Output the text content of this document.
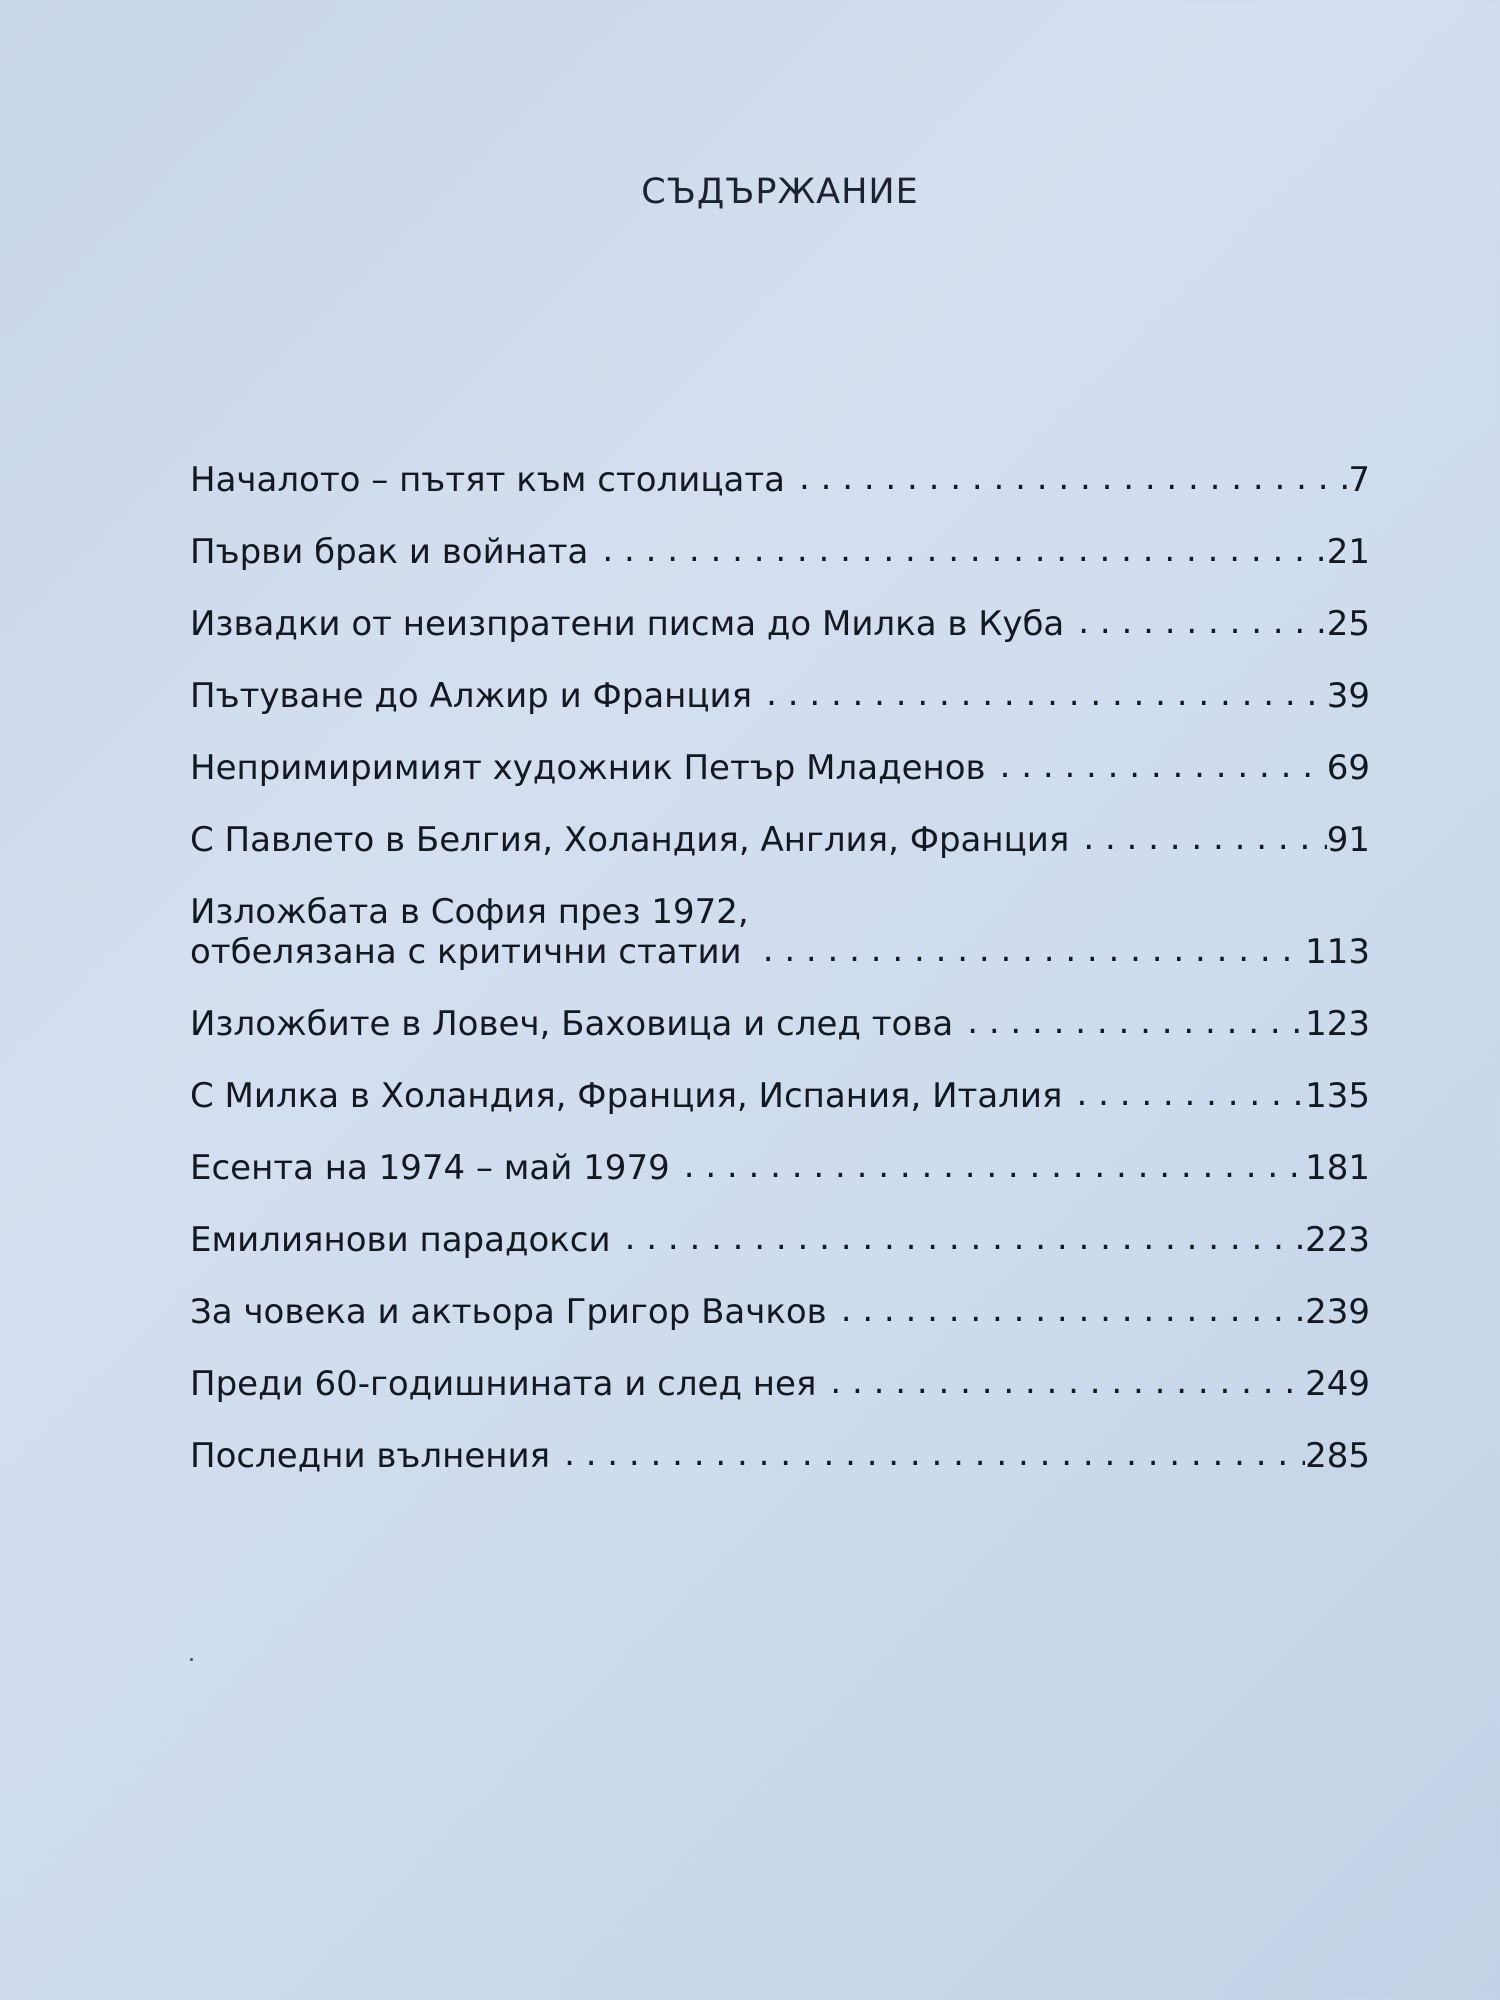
СЪДЪРЖАНИЕ
Началото – пътят към столицата . . .	7
Първи брак и войната . . .	21
Извадки от неизпратени писма до Милка в Куба . . .	25
Пътуване до Алжир и Франция . . .	39
Непримиримият художник Петър Младенов . . .	69
С Павлето в Белгия, Холандия, Англия, Франция . . .	91
Изложбата в София през 1972,
отбелязана с критични статии . . .	113
Изложбите в Ловеч, Баховица и след това . . .	123
С Милка в Холандия, Франция, Испания, Италия . . .	135
Есента на 1974 – май 1979 . . .	181
Емилиянови парадокси . . .	223
За човека и актьора Григор Вачков . . .	239
Преди 60-годишнината и след нея . . .	249
Последни вълнения . . .	285
